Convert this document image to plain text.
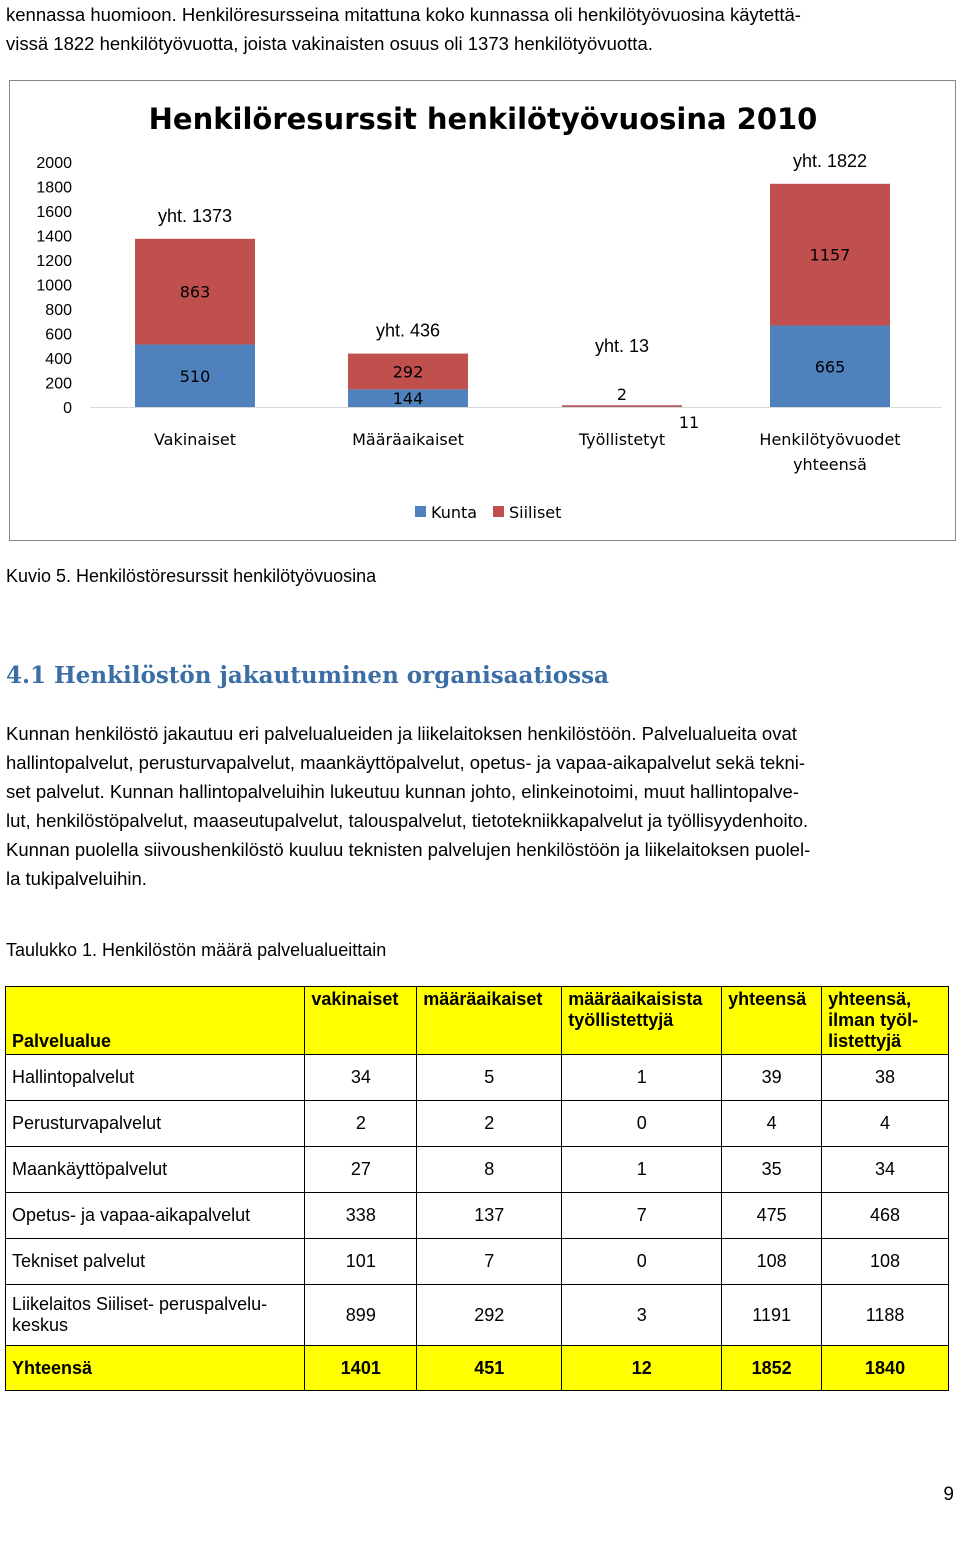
kennassa huomioon. Henkilöresursseina mitattuna koko kunnassa oli henkilötyövuosina käytettä-
vissä 1822 henkilötyövuotta, joista vakinaisten osuus oli 1373 henkilötyövuotta.
Henkilöresurssit henkilötyövuosina 2010
0
200
400
600
800
1000
1200
1400
1600
1800
2000
510
863
yht. 1373
Vakinaiset
144
292
yht. 436
Määräaikaiset
2
11
yht. 13
Työllistetyt
665
1157
yht. 1822
Henkilötyövuodet
yhteensä
Kunta Siiliset
Kuvio 5. Henkilöstöresurssit henkilötyövuosina
4.1 Henkilöstön jakautuminen organisaatiossa
Kunnan henkilöstö jakautuu eri palvelualueiden ja liikelaitoksen henkilöstöön. Palvelualueita ovat
hallintopalvelut, perusturvapalvelut, maankäyttöpalvelut, opetus- ja vapaa-aikapalvelut sekä tekni-
set palvelut. Kunnan hallintopalveluihin lukeutuu kunnan johto, elinkeinotoimi, muut hallintopalve-
lut, henkilöstöpalvelut, maaseutupalvelut, talouspalvelut, tietotekniikkapalvelut ja työllisyydenhoito.
Kunnan puolella siivoushenkilöstö kuuluu teknisten palvelujen henkilöstöön ja liikelaitoksen puolel-
la tukipalveluihin.
Taulukko 1. Henkilöstön määrä palvelualueittain
Palvelualue	vakinaiset	määräaikaiset	määräaikaisista
työllistettyjä	yhteensä	yhteensä,
ilman työl-
listettyjä
Hallintopalvelut	34	5	1	39	38
Perusturvapalvelut	2	2	0	4	4
Maankäyttöpalvelut	27	8	1	35	34
Opetus- ja vapaa-aikapalvelut	338	137	7	475	468
Tekniset palvelut	101	7	0	108	108
Liikelaitos Siiliset- peruspalvelu-
keskus	899	292	3	1191	1188
Yhteensä	1401	451	12	1852	1840
9
